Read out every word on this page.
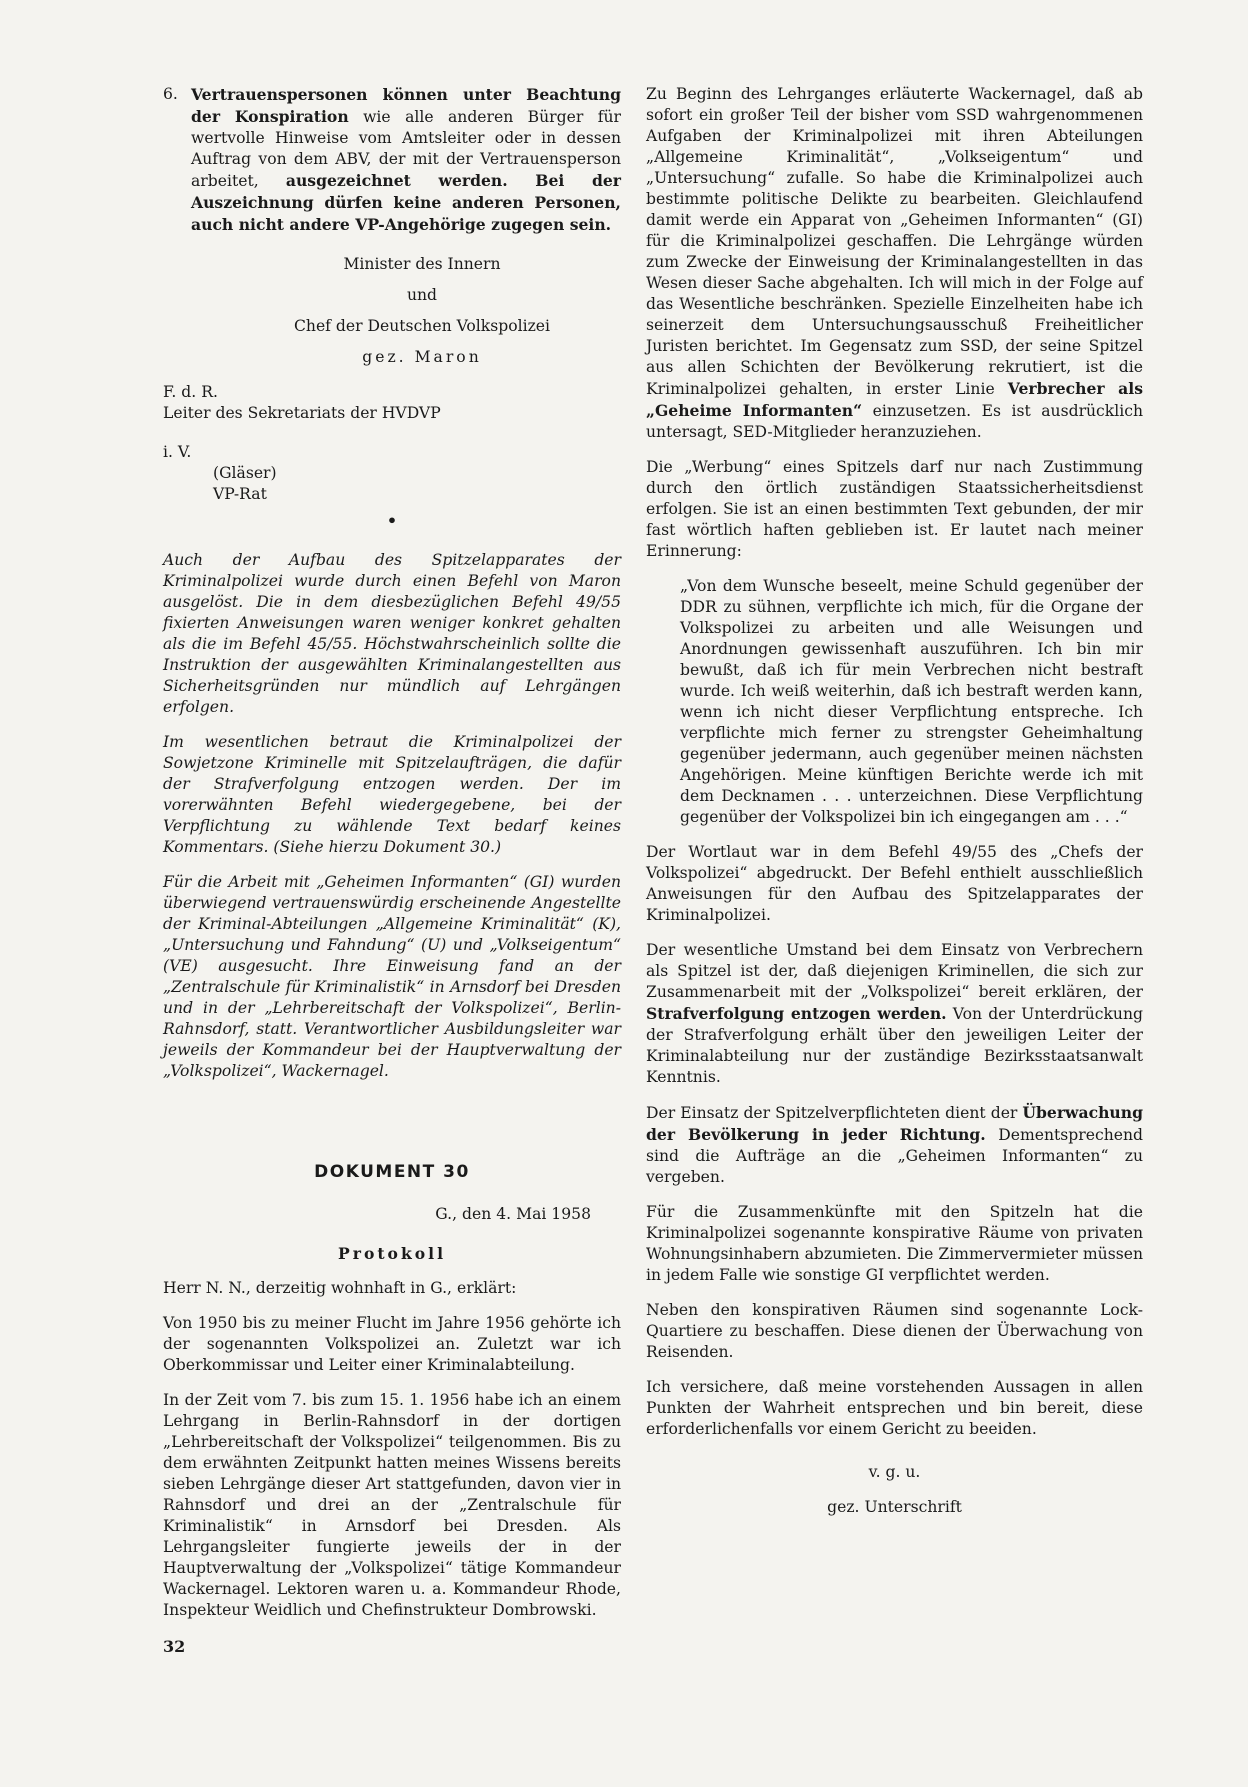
6. Vertrauenspersonen können unter Beachtung der Konspiration wie alle anderen Bürger für wertvolle Hinweise vom Amtsleiter oder in dessen Auftrag von dem ABV, der mit der Vertrauensperson arbeitet, ausgezeichnet werden. Bei der Auszeichnung dürfen keine anderen Personen, auch nicht andere VP-Angehörige zugegen sein.

Minister des Innern

und

Chef der Deutschen Volkspolizei

gez. Maron

F. d. R.

Leiter des Sekretariats der HVDVP

i. V.

(Gläser)

VP-Rat

•

Auch der Aufbau des Spitzelapparates der Kriminalpolizei wurde durch einen Befehl von Maron ausgelöst. Die in dem diesbezüglichen Befehl 49/55 fixierten Anweisungen waren weniger konkret gehalten als die im Befehl 45/55. Höchstwahrscheinlich sollte die Instruktion der ausgewählten Kriminalangestellten aus Sicherheitsgründen nur mündlich auf Lehrgängen erfolgen.

Im wesentlichen betraut die Kriminalpolizei der Sowjetzone Kriminelle mit Spitzelaufträgen, die dafür der Strafverfolgung entzogen werden. Der im vorerwähnten Befehl wiedergegebene, bei der Verpflichtung zu wählende Text bedarf keines Kommentars. (Siehe hierzu Dokument 30.)

Für die Arbeit mit „Geheimen Informanten“ (GI) wurden überwiegend vertrauenswürdig erscheinende Angestellte der Kriminal-Abteilungen „Allgemeine Kriminalität“ (K), „Untersuchung und Fahndung“ (U) und „Volkseigentum“ (VE) ausgesucht. Ihre Einweisung fand an der „Zentralschule für Kriminalistik“ in Arnsdorf bei Dresden und in der „Lehrbereitschaft der Volkspolizei“, Berlin-Rahnsdorf, statt. Verantwortlicher Ausbildungsleiter war jeweils der Kommandeur bei der Hauptverwaltung der „Volkspolizei“, Wackernagel.

DOKUMENT 30

G., den 4. Mai 1958

Protokoll

Herr N. N., derzeitig wohnhaft in G., erklärt:

Von 1950 bis zu meiner Flucht im Jahre 1956 gehörte ich der sogenannten Volkspolizei an. Zuletzt war ich Oberkommissar und Leiter einer Kriminalabteilung.

In der Zeit vom 7. bis zum 15. 1. 1956 habe ich an einem Lehrgang in Berlin-Rahnsdorf in der dortigen „Lehrbereitschaft der Volkspolizei“ teilgenommen. Bis zu dem erwähnten Zeitpunkt hatten meines Wissens bereits sieben Lehrgänge dieser Art stattgefunden, davon vier in Rahnsdorf und drei an der „Zentralschule für Kriminalistik“ in Arnsdorf bei Dresden. Als Lehrgangsleiter fungierte jeweils der in der Hauptverwaltung der „Volkspolizei“ tätige Kommandeur Wackernagel. Lektoren waren u. a. Kommandeur Rhode, Inspekteur Weidlich und Chefinstrukteur Dombrowski.

32

Zu Beginn des Lehrganges erläuterte Wackernagel, daß ab sofort ein großer Teil der bisher vom SSD wahrgenommenen Aufgaben der Kriminalpolizei mit ihren Abteilungen „Allgemeine Kriminalität“, „Volkseigentum“ und „Untersuchung“ zufalle. So habe die Kriminalpolizei auch bestimmte politische Delikte zu bearbeiten. Gleichlaufend damit werde ein Apparat von „Geheimen Informanten“ (GI) für die Kriminalpolizei geschaffen. Die Lehrgänge würden zum Zwecke der Einweisung der Kriminalangestellten in das Wesen dieser Sache abgehalten. Ich will mich in der Folge auf das Wesentliche beschränken. Spezielle Einzelheiten habe ich seinerzeit dem Untersuchungsausschuß Freiheitlicher Juristen berichtet. Im Gegensatz zum SSD, der seine Spitzel aus allen Schichten der Bevölkerung rekrutiert, ist die Kriminalpolizei gehalten, in erster Linie Verbrecher als „Geheime Informanten“ einzusetzen. Es ist ausdrücklich untersagt, SED-Mitglieder heranzuziehen.

Die „Werbung“ eines Spitzels darf nur nach Zustimmung durch den örtlich zuständigen Staatssicherheitsdienst erfolgen. Sie ist an einen bestimmten Text gebunden, der mir fast wörtlich haften geblieben ist. Er lautet nach meiner Erinnerung:

„Von dem Wunsche beseelt, meine Schuld gegenüber der DDR zu sühnen, verpflichte ich mich, für die Organe der Volkspolizei zu arbeiten und alle Weisungen und Anordnungen gewissenhaft auszuführen. Ich bin mir bewußt, daß ich für mein Verbrechen nicht bestraft wurde. Ich weiß weiterhin, daß ich bestraft werden kann, wenn ich nicht dieser Verpflichtung entspreche. Ich verpflichte mich ferner zu strengster Geheimhaltung gegenüber jedermann, auch gegenüber meinen nächsten Angehörigen. Meine künftigen Berichte werde ich mit dem Decknamen . . . unterzeichnen. Diese Verpflichtung gegenüber der Volkspolizei bin ich eingegangen am . . .“

Der Wortlaut war in dem Befehl 49/55 des „Chefs der Volkspolizei“ abgedruckt. Der Befehl enthielt ausschließlich Anweisungen für den Aufbau des Spitzelapparates der Kriminalpolizei.

Der wesentliche Umstand bei dem Einsatz von Verbrechern als Spitzel ist der, daß diejenigen Kriminellen, die sich zur Zusammenarbeit mit der „Volkspolizei“ bereit erklären, der Strafverfolgung entzogen werden. Von der Unterdrückung der Strafverfolgung erhält über den jeweiligen Leiter der Kriminalabteilung nur der zuständige Bezirksstaatsanwalt Kenntnis.

Der Einsatz der Spitzelverpflichteten dient der Überwachung der Bevölkerung in jeder Richtung. Dementsprechend sind die Aufträge an die „Geheimen Informanten“ zu vergeben.

Für die Zusammenkünfte mit den Spitzeln hat die Kriminalpolizei sogenannte konspirative Räume von privaten Wohnungsinhabern abzumieten. Die Zimmervermieter müssen in jedem Falle wie sonstige GI verpflichtet werden.

Neben den konspirativen Räumen sind sogenannte Lock-Quartiere zu beschaffen. Diese dienen der Überwachung von Reisenden.

Ich versichere, daß meine vorstehenden Aussagen in allen Punkten der Wahrheit entsprechen und bin bereit, diese erforderlichenfalls vor einem Gericht zu beeiden.

v. g. u.

gez. Unterschrift
